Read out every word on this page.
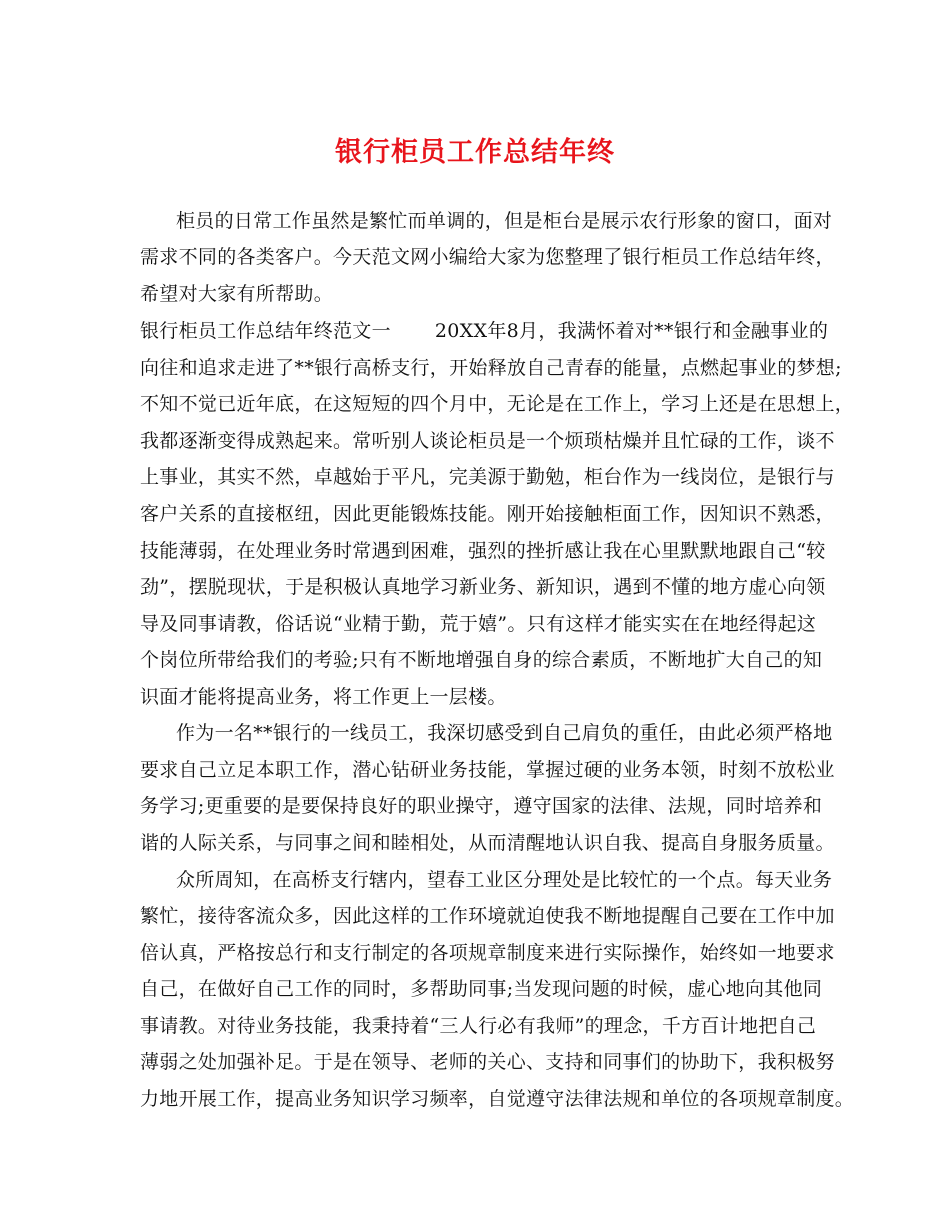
银行柜员工作总结年终
柜员的日常工作虽然是繁忙而单调的，但是柜台是展示农行形象的窗口，面对
需求不同的各类客户。今天范文网小编给大家为您整理了银行柜员工作总结年终，
希望对大家有所帮助。
银行柜员工作总结年终范文一 20XX年8月，我满怀着对**银行和金融事业的
向往和追求走进了**银行高桥支行，开始释放自己青春的能量，点燃起事业的梦想;
不知不觉已近年底，在这短短的四个月中，无论是在工作上，学习上还是在思想上，
我都逐渐变得成熟起来。常听别人谈论柜员是一个烦琐枯燥并且忙碌的工作，谈不
上事业，其实不然，卓越始于平凡，完美源于勤勉，柜台作为一线岗位，是银行与
客户关系的直接枢纽，因此更能锻炼技能。刚开始接触柜面工作，因知识不熟悉，
技能薄弱，在处理业务时常遇到困难，强烈的挫折感让我在心里默默地跟自己“较
劲”，摆脱现状，于是积极认真地学习新业务、新知识，遇到不懂的地方虚心向领
导及同事请教，俗话说“业精于勤，荒于嬉”。只有这样才能实实在在地经得起这
个岗位所带给我们的考验;只有不断地增强自身的综合素质，不断地扩大自己的知
识面才能将提高业务，将工作更上一层楼。
作为一名**银行的一线员工，我深切感受到自己肩负的重任，由此必须严格地
要求自己立足本职工作，潜心钻研业务技能，掌握过硬的业务本领，时刻不放松业
务学习;更重要的是要保持良好的职业操守，遵守国家的法律、法规，同时培养和
谐的人际关系，与同事之间和睦相处，从而清醒地认识自我、提高自身服务质量。
众所周知，在高桥支行辖内，望春工业区分理处是比较忙的一个点。每天业务
繁忙，接待客流众多，因此这样的工作环境就迫使我不断地提醒自己要在工作中加
倍认真，严格按总行和支行制定的各项规章制度来进行实际操作，始终如一地要求
自己，在做好自己工作的同时，多帮助同事;当发现问题的时候，虚心地向其他同
事请教。对待业务技能，我秉持着“三人行必有我师”的理念，千方百计地把自己
薄弱之处加强补足。于是在领导、老师的关心、支持和同事们的协助下，我积极努
力地开展工作，提高业务知识学习频率，自觉遵守法律法规和单位的各项规章制度。
